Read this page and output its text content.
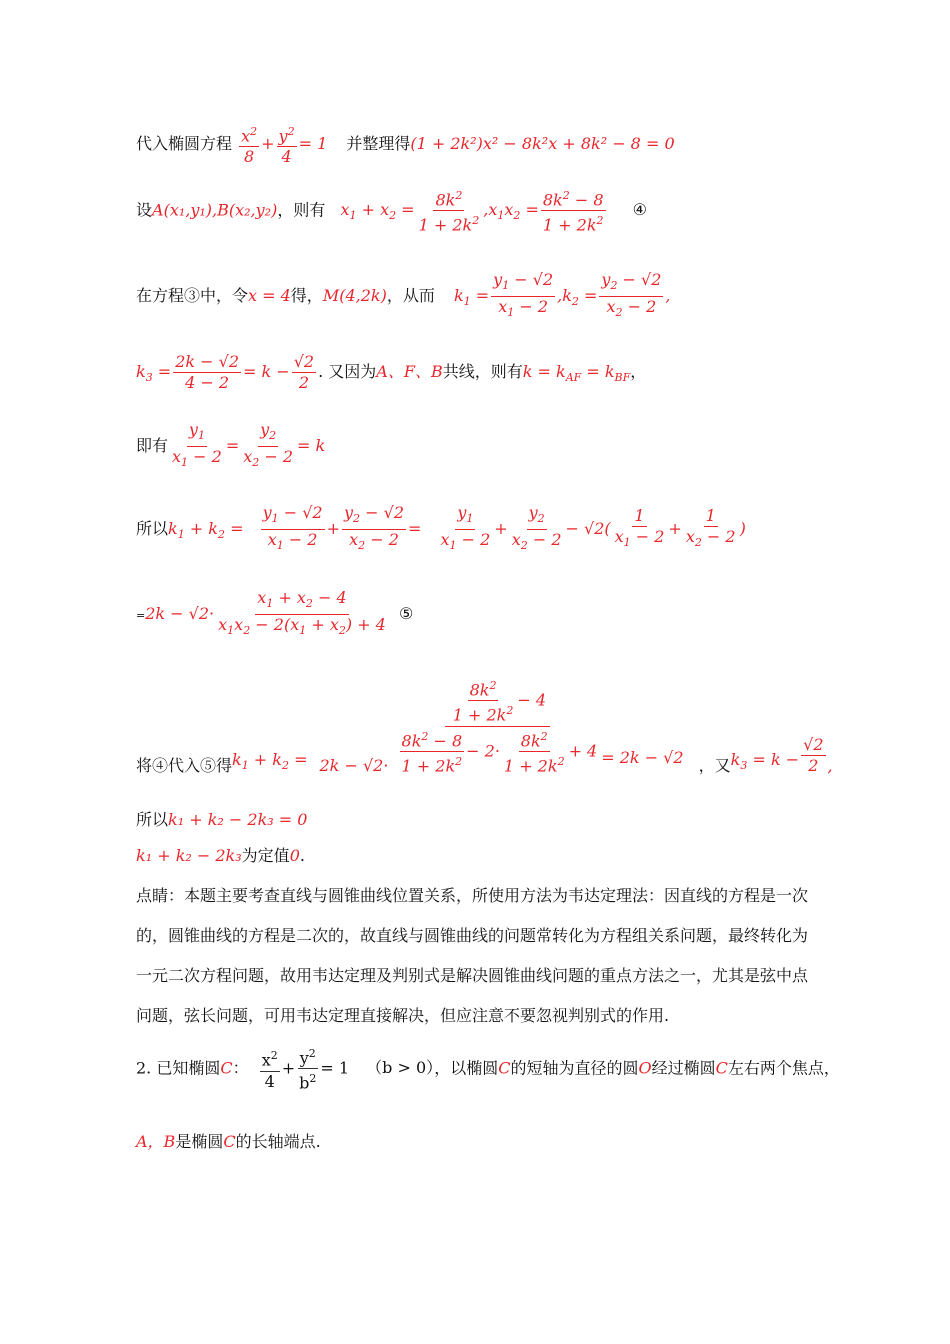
代入椭圆方程 $\frac{x^2}{8} + \frac{y^2}{4} = 1$ 并整理得(1 + 2k²)x² − 8k²x + 8k² − 8 = 0
设A(x₁,y₁),B(x₂,y₂)，则有 $x_1 + x_2 = \frac{8k^2}{1 + 2k^2} ,x_1x_2 = \frac{8k^2 - 8}{1 + 2k^2}$ ④
在方程③中，令x = 4得，M(4,2k)，从而 $k_1 = \frac{y_1 - √2}{x_1 - 2} ,k_2 = \frac{y_2 - √2}{x_2 - 2}$ ,
$k_3 = \frac{2k - √2}{4 - 2} = k - \frac{√2}{2}$ . 又因为A、F、B共线，则有$k = k_{AF} = k_{BF}$，
即有 $\frac{y_1}{x_1 - 2} = \frac{y_2}{x_2 - 2} = k$
所以$k_1 + k_2 = \frac{y_1 - √2}{x_1 - 2} + \frac{y_2 - √2}{x_2 - 2} = \frac{y_1}{x_1 - 2} + \frac{y_2}{x_2 - 2} - √2( \frac{1}{x_1 - 2} + \frac{1}{x_2 - 2}$ )
$=2k - √2\cdot \frac{x_1 + x_2 - 4}{x_1x_2 - 2(x_1 + x_2) + 4}$ ⑤
将④代入⑤得$k_1 + k_2 = 2k - √2\cdot \frac{\frac{8k^2}{1 + 2k^2} - 4}{\frac{8k^2 - 8}{1 + 2k^2} - 2\cdot \frac{8k^2}{1 + 2k^2} + 4} = 2k - √2$ ，又$k_3 = k - \frac{√2}{2}$ ,
所以k₁ + k₂ − 2k₃ = 0
k₁ + k₂ − 2k₃为定值0.
点睛：本题主要考查直线与圆锥曲线位置关系，所使用方法为韦达定理法：因直线的方程是一次的，圆锥曲线的方程是二次的，故直线与圆锥曲线的问题常转化为方程组关系问题，最终转化为一元二次方程问题，故用韦达定理及判别式是解决圆锥曲线问题的重点方法之一，尤其是弦中点问题，弦长问题，可用韦达定理直接解决，但应注意不要忽视判别式的作用.
2. 已知椭圆C： $\frac{x^2}{4} + \frac{y^2}{b^2} = 1$ （b > 0），以椭圆C的短轴为直径的圆O经过椭圆C左右两个焦点，
A，B是椭圆C的长轴端点.
